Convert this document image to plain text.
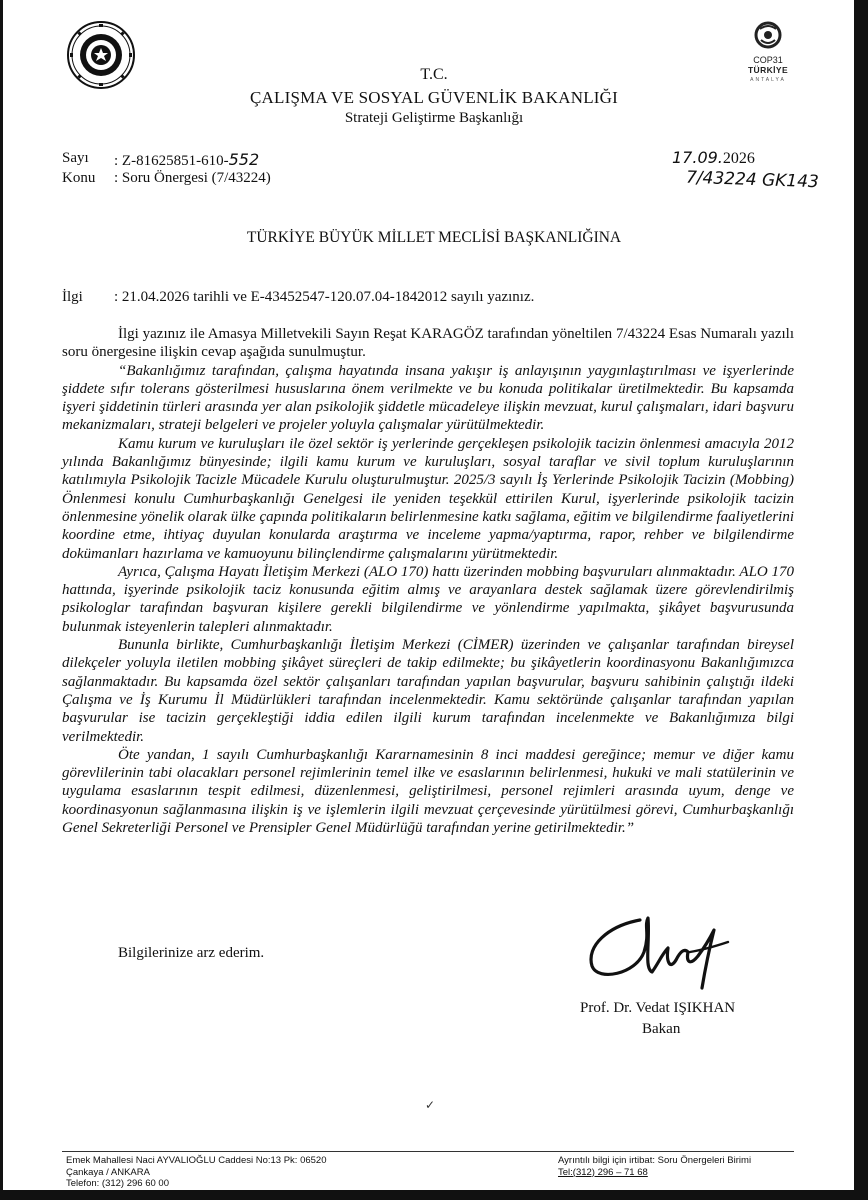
COP31
TÜRKİYE
ANTALYA
T.C.
ÇALIŞMA VE SOSYAL GÜVENLİK BAKANLIĞI
Strateji Geliştirme Başkanlığı
Sayı : Z-81625851-610-552
Konu : Soru Önergesi (7/43224)
17.09.2026
7/43224 GK143
TÜRKİYE BÜYÜK MİLLET MECLİSİ BAŞKANLIĞINA
İlgi : 21.04.2026 tarihli ve E-43452547-120.07.04-1842012 sayılı yazınız.

İlgi yazınız ile Amasya Milletvekili Sayın Reşat KARAGÖZ tarafından yöneltilen 7/43224 Esas Numaralı yazılı soru önergesine ilişkin cevap aşağıda sunulmuştur.

“Bakanlığımız tarafından, çalışma hayatında insana yakışır iş anlayışının yaygınlaştırılması ve işyerlerinde şiddete sıfır tolerans gösterilmesi hususlarına önem verilmekte ve bu konuda politikalar üretilmektedir. Bu kapsamda işyeri şiddetinin türleri arasında yer alan psikolojik şiddetle mücadeleye ilişkin mevzuat, kurul çalışmaları, idari başvuru mekanizmaları, strateji belgeleri ve projeler yoluyla çalışmalar yürütülmektedir.

Kamu kurum ve kuruluşları ile özel sektör iş yerlerinde gerçekleşen psikolojik tacizin önlenmesi amacıyla 2012 yılında Bakanlığımız bünyesinde; ilgili kamu kurum ve kuruluşları, sosyal taraflar ve sivil toplum kuruluşlarının katılımıyla Psikolojik Tacizle Mücadele Kurulu oluşturulmuştur. 2025/3 sayılı İş Yerlerinde Psikolojik Tacizin (Mobbing) Önlenmesi konulu Cumhurbaşkanlığı Genelgesi ile yeniden teşekkül ettirilen Kurul, işyerlerinde psikolojik tacizin önlenmesine yönelik olarak ülke çapında politikaların belirlenmesine katkı sağlama, eğitim ve bilgilendirme faaliyetlerini koordine etme, ihtiyaç duyulan konularda araştırma ve inceleme yapma/yaptırma, rapor, rehber ve bilgilendirme dokümanları hazırlama ve kamuoyunu bilinçlendirme çalışmalarını yürütmektedir.

Ayrıca, Çalışma Hayatı İletişim Merkezi (ALO 170) hattı üzerinden mobbing başvuruları alınmaktadır. ALO 170 hattında, işyerinde psikolojik taciz konusunda eğitim almış ve arayanlara destek sağlamak üzere görevlendirilmiş psikologlar tarafından başvuran kişilere gerekli bilgilendirme ve yönlendirme yapılmakta, şikâyet başvurusunda bulunmak isteyenlerin talepleri alınmaktadır.

Bununla birlikte, Cumhurbaşkanlığı İletişim Merkezi (CİMER) üzerinden ve çalışanlar tarafından bireysel dilekçeler yoluyla iletilen mobbing şikâyet süreçleri de takip edilmekte; bu şikâyetlerin koordinasyonu Bakanlığımızca sağlanmaktadır. Bu kapsamda özel sektör çalışanları tarafından yapılan başvurular, başvuru sahibinin çalıştığı ildeki Çalışma ve İş Kurumu İl Müdürlükleri tarafından incelenmektedir. Kamu sektöründe çalışanlar tarafından yapılan başvurular ise tacizin gerçekleştiği iddia edilen ilgili kurum tarafından incelenmekte ve Bakanlığımıza bilgi verilmektedir.

Öte yandan, 1 sayılı Cumhurbaşkanlığı Kararnamesinin 8 inci maddesi gereğince; memur ve diğer kamu görevlilerinin tabi olacakları personel rejimlerinin temel ilke ve esaslarının belirlenmesi, hukuki ve mali statülerinin ve uygulama esaslarının tespit edilmesi, düzenlenmesi, geliştirilmesi, personel rejimleri arasında uyum, denge ve koordinasyonun sağlanmasına ilişkin iş ve işlemlerin ilgili mevzuat çerçevesinde yürütülmesi görevi, Cumhurbaşkanlığı Genel Sekreterliği Personel ve Prensipler Genel Müdürlüğü tarafından yerine getirilmektedir.”

Bilgilerinize arz ederim.
Prof. Dr. Vedat IŞIKHAN
Bakan
✓
Emek Mahallesi Naci AYVALIOĞLU Caddesi No:13 Pk: 06520
Çankaya / ANKARA
Telefon: (312) 296 60 00
Ayrıntılı bilgi için irtibat: Soru Önergeleri Birimi
Tel:(312) 296 – 71 68
